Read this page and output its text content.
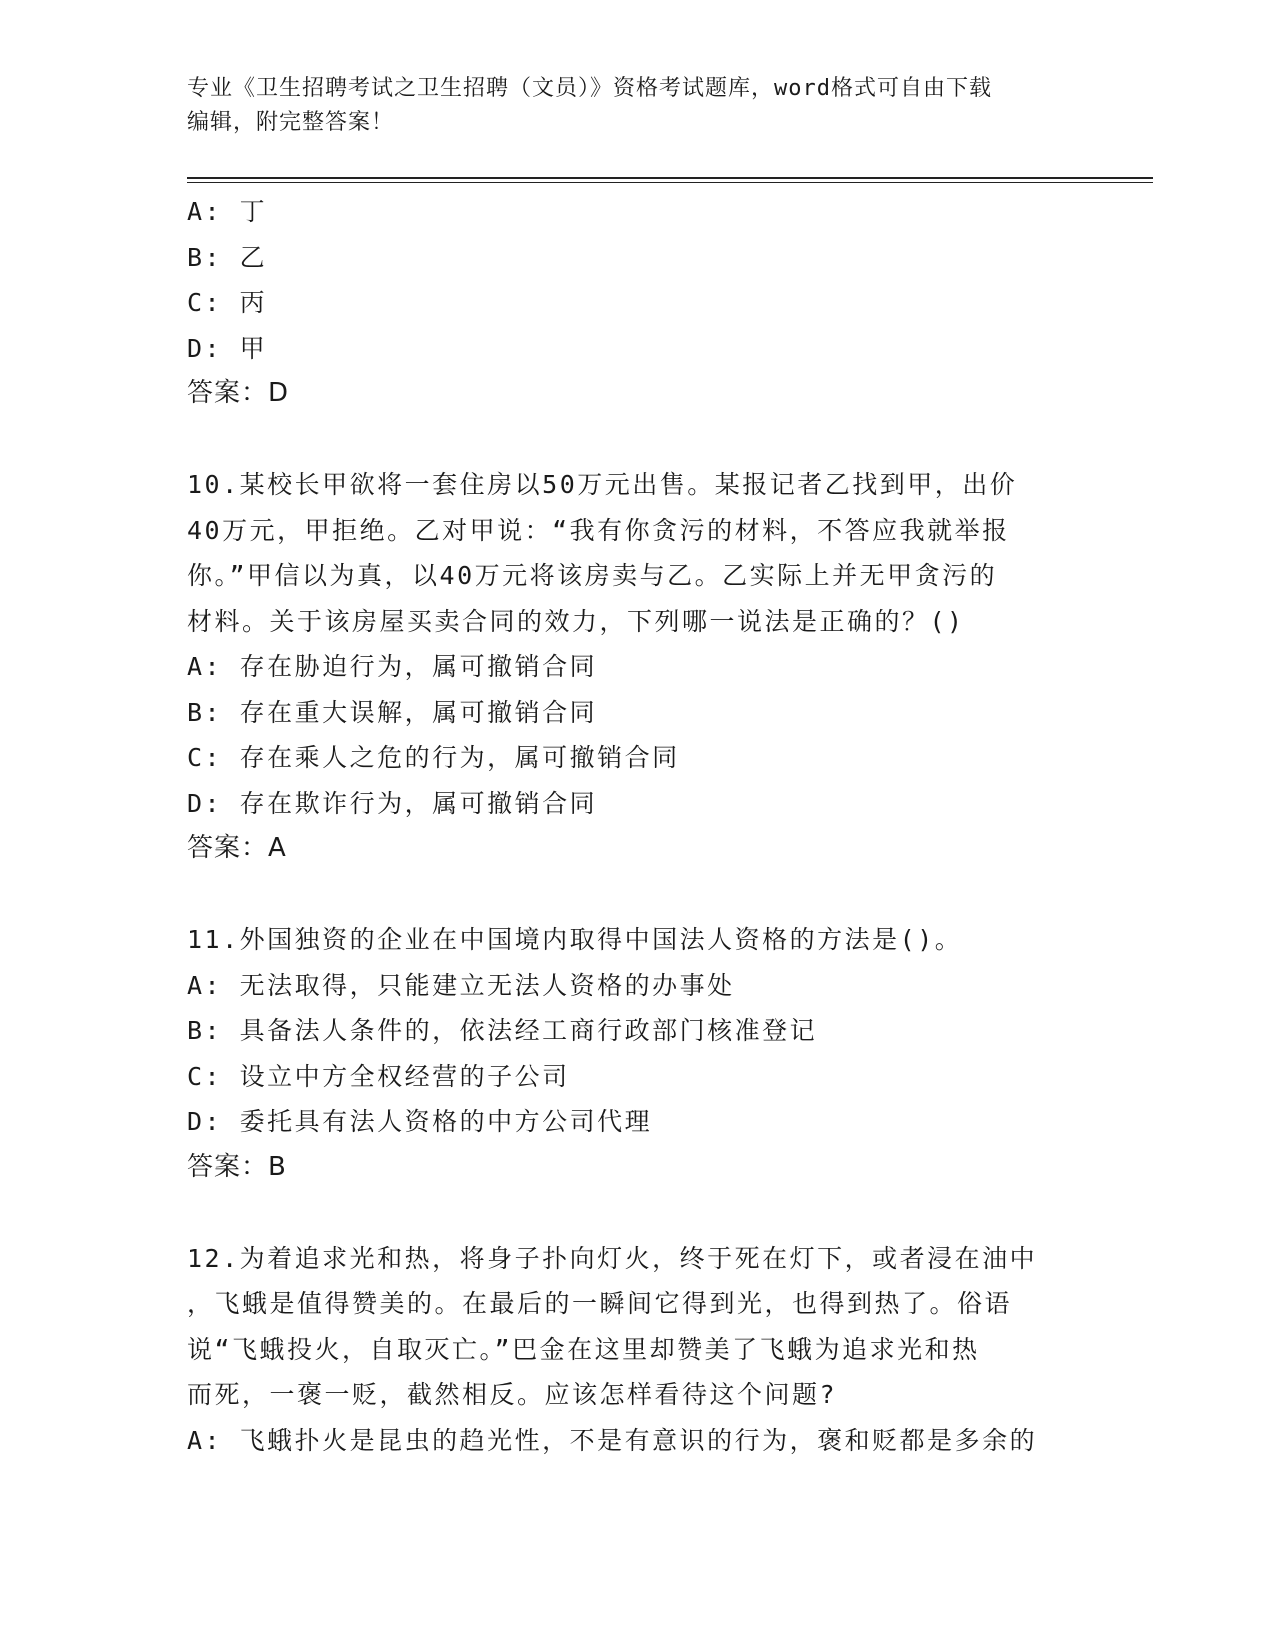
专业《卫生招聘考试之卫生招聘（文员）》资格考试题库，word格式可自由下载
编辑，附完整答案！
A: 丁
B: 乙
C: 丙
D: 甲
答案：D
10.某校长甲欲将一套住房以50万元出售。某报记者乙找到甲，出价
40万元，甲拒绝。乙对甲说：“我有你贪污的材料，不答应我就举报
你。”甲信以为真，以40万元将该房卖与乙。乙实际上并无甲贪污的
材料。关于该房屋买卖合同的效力，下列哪一说法是正确的？()
A: 存在胁迫行为，属可撤销合同
B: 存在重大误解，属可撤销合同
C: 存在乘人之危的行为，属可撤销合同
D: 存在欺诈行为，属可撤销合同
答案：A
11.外国独资的企业在中国境内取得中国法人资格的方法是()。
A: 无法取得，只能建立无法人资格的办事处
B: 具备法人条件的，依法经工商行政部门核准登记
C: 设立中方全权经营的子公司
D: 委托具有法人资格的中方公司代理
答案：B
12.为着追求光和热，将身子扑向灯火，终于死在灯下，或者浸在油中
，飞蛾是值得赞美的。在最后的一瞬间它得到光，也得到热了。俗语
说“飞蛾投火，自取灭亡。”巴金在这里却赞美了飞蛾为追求光和热
而死，一褒一贬，截然相反。应该怎样看待这个问题?
A: 飞蛾扑火是昆虫的趋光性，不是有意识的行为，褒和贬都是多余的
